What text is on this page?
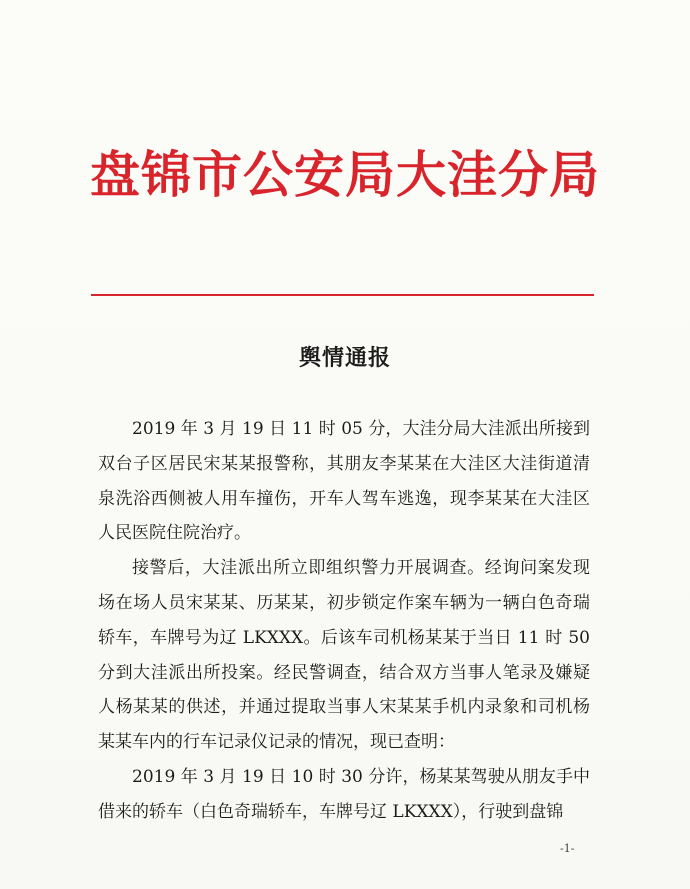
盘锦市公安局大洼分局
舆情通报

2019 年 3 月 19 日 11 时 05 分，大洼分局大洼派出所接到双台子区居民宋某某报警称，其朋友李某某在大洼区大洼街道清泉洗浴西侧被人用车撞伤，开车人驾车逃逸，现李某某在大洼区人民医院住院治疗。

接警后，大洼派出所立即组织警力开展调查。经询问案发现场在场人员宋某某、历某某，初步锁定作案车辆为一辆白色奇瑞轿车，车牌号为辽 LKXXX。后该车司机杨某某于当日 11 时 50 分到大洼派出所投案。经民警调查，结合双方当事人笔录及嫌疑人杨某某的供述，并通过提取当事人宋某某手机内录象和司机杨某某车内的行车记录仪记录的情况，现已查明：

2019 年 3 月 19 日 10 时 30 分许，杨某某驾驶从朋友手中借来的轿车（白色奇瑞轿车，车牌号辽 LKXXX），行驶到盘锦

-1-
